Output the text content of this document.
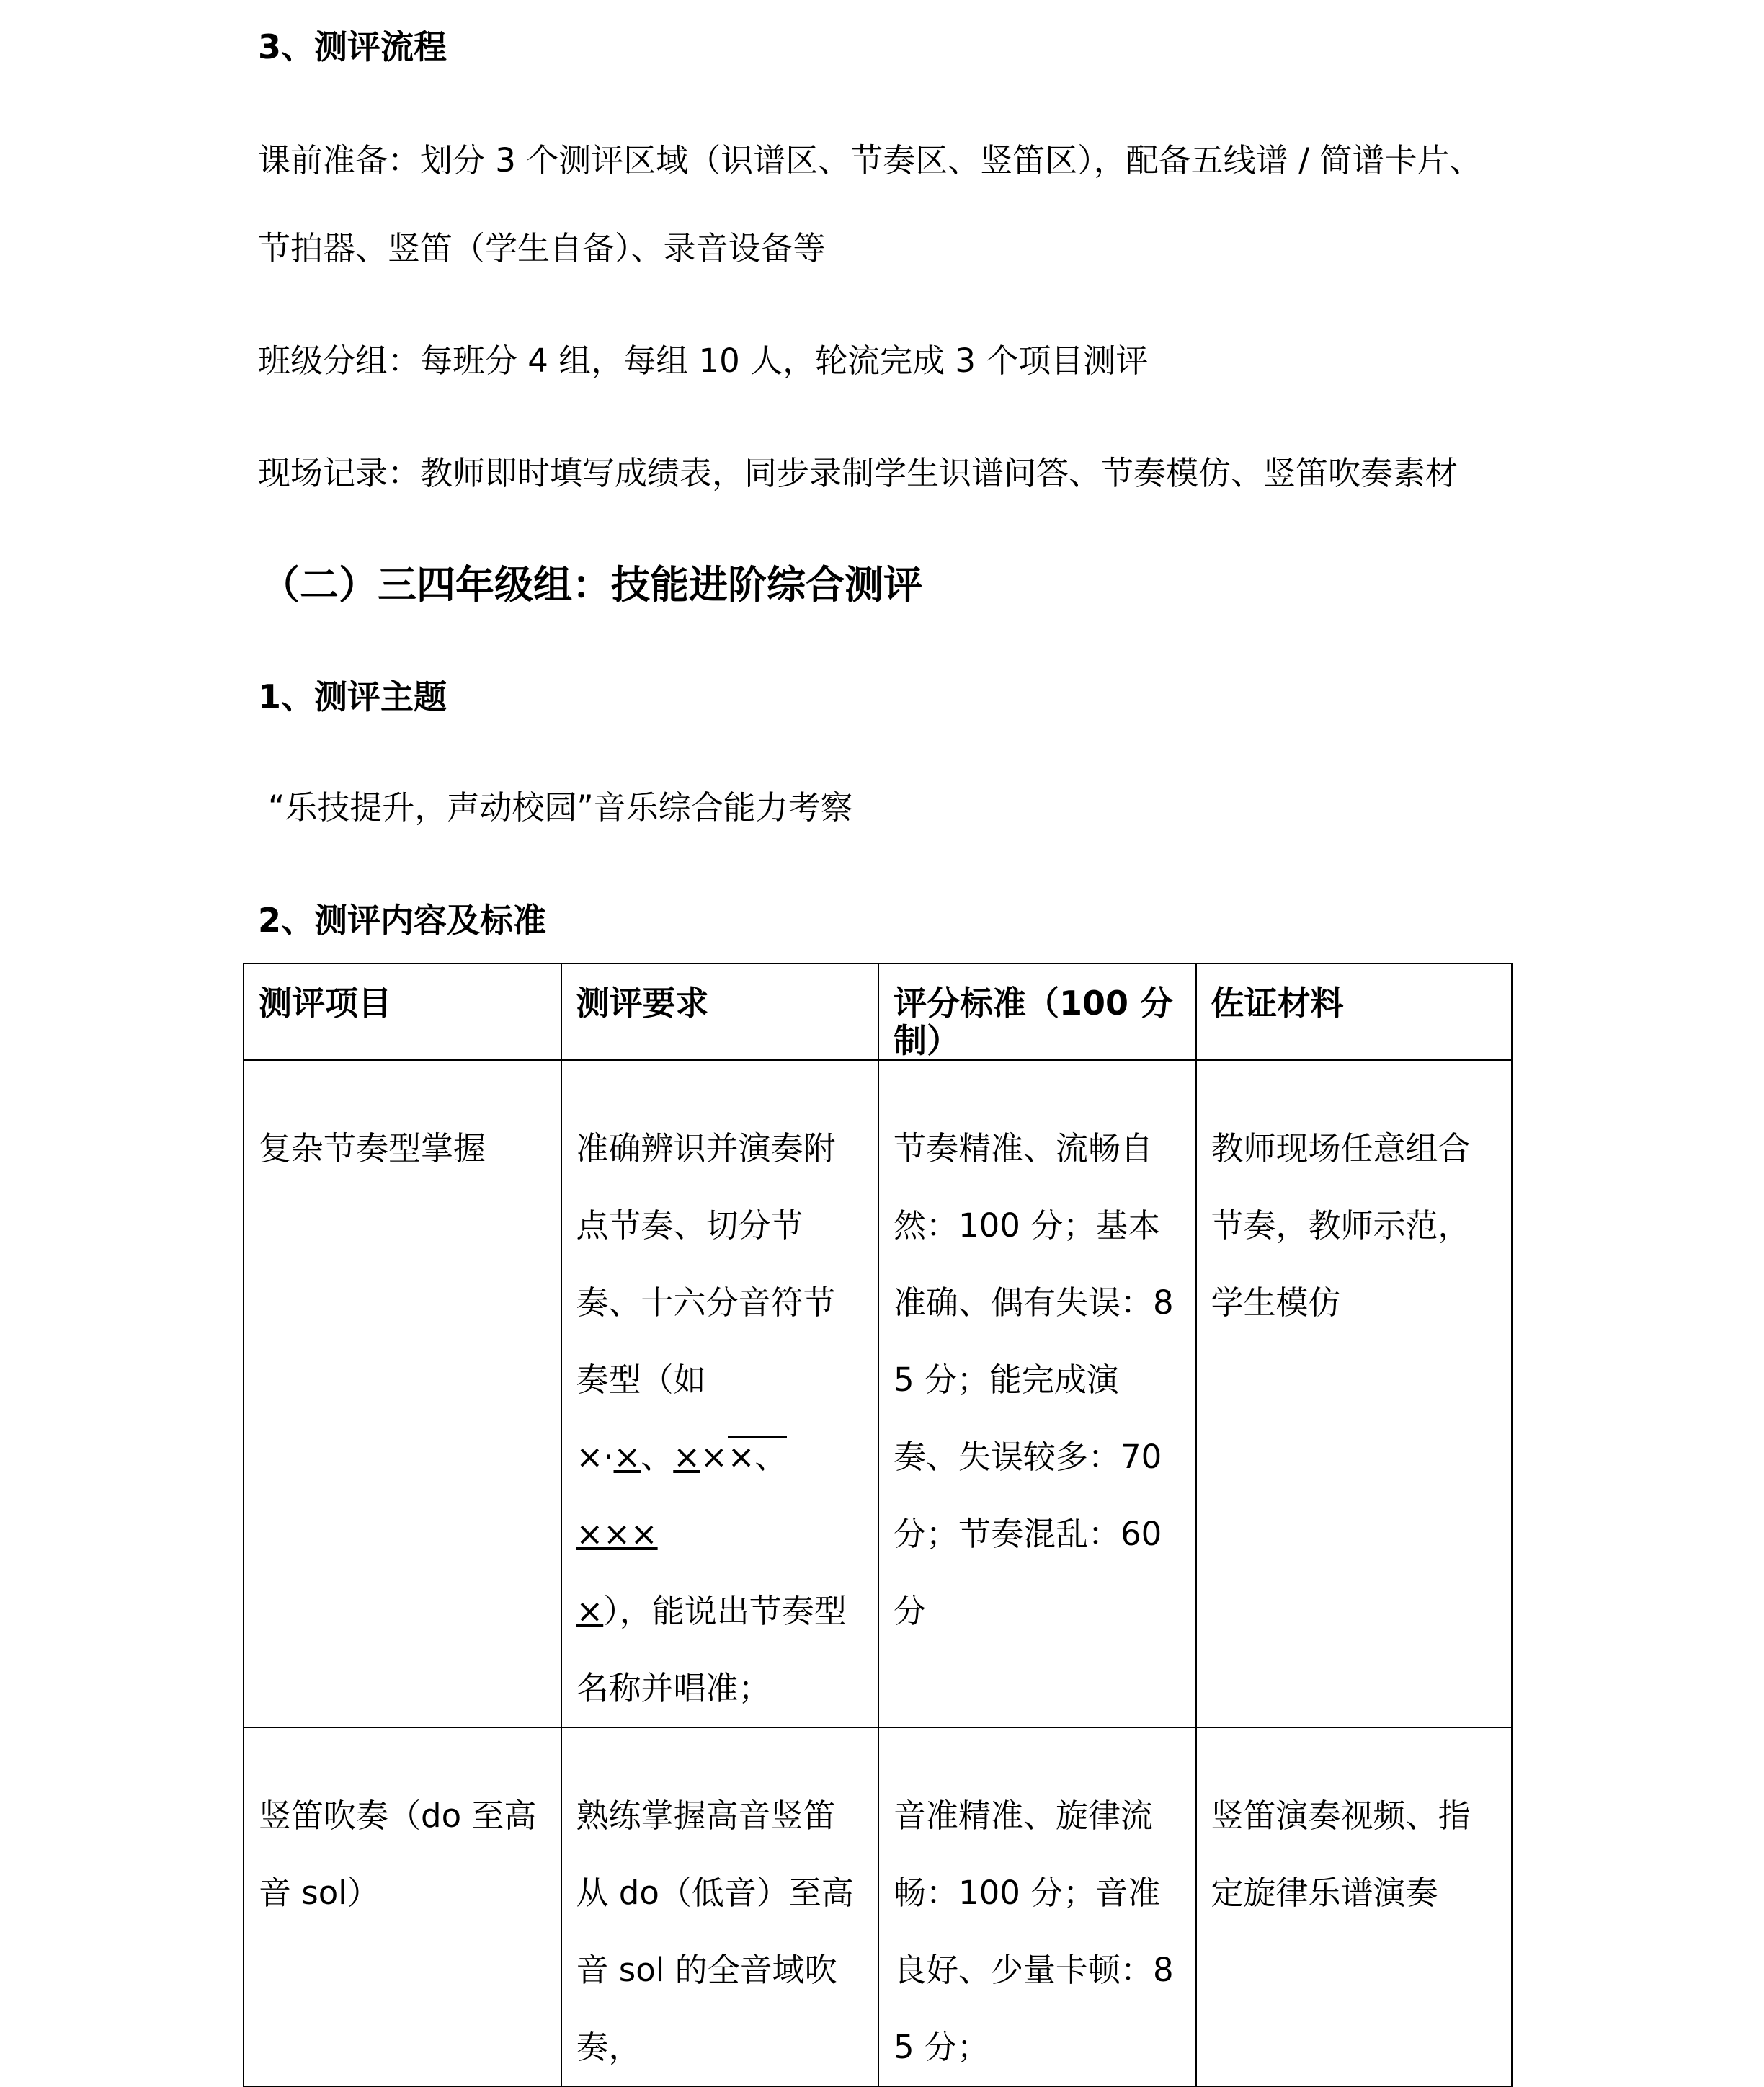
3、测评流程
课前准备：划分 3 个测评区域（识谱区、节奏区、竖笛区），配备五线谱 / 简谱卡片、
节拍器、竖笛（学生自备）、录音设备等
班级分组：每班分 4 组，每组 10 人，轮流完成 3 个项目测评
现场记录：教师即时填写成绩表，同步录制学生识谱问答、节奏模仿、竖笛吹奏素材
（二）三四年级组：技能进阶综合测评
1、测评主题
“乐技提升，声动校园”音乐综合能力考察
2、测评内容及标准
测评项目	测评要求	评分标准（100 分制）	佐证材料

复杂节奏型掌握	准确辨识并演奏附点节奏、切分节奏、十六分音符节奏型（如
×·×、×××、×××
×），能说出节奏型名称并唱准；	节奏精准、流畅自然：100 分；基本准确、偶有失误：85 分；能完成演奏、失误较多：70 分；节奏混乱：60 分	教师现场任意组合节奏，教师示范，学生模仿

竖笛吹奏（do 至高音 sol）	熟练掌握高音竖笛从 do（低音）至高音 sol 的全音域吹奏，	音准精准、旋律流畅：100 分；音准良好、少量卡顿：85 分；	竖笛演奏视频、指定旋律乐谱演奏
